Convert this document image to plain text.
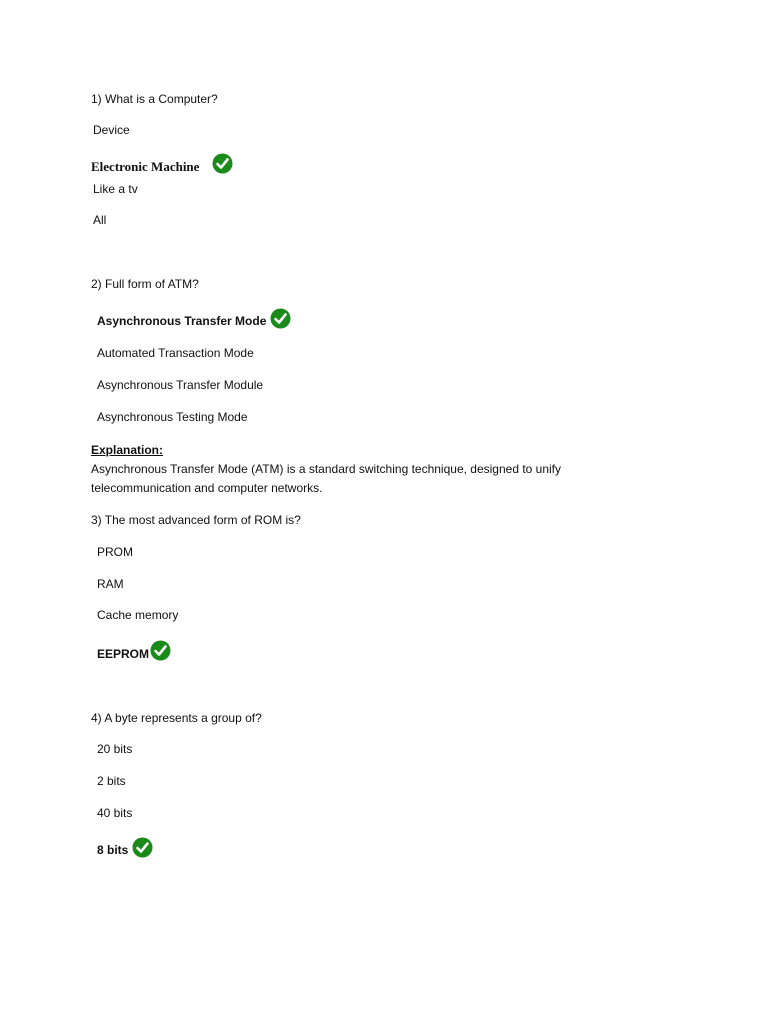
1) What is a Computer?
Device
Electronic Machine
Like a tv
All
2) Full form of ATM?
Asynchronous Transfer Mode
Automated Transaction Mode
Asynchronous Transfer Module
Asynchronous Testing Mode
Explanation:
Asynchronous Transfer Mode (ATM) is a standard switching technique, designed to unify telecommunication and computer networks.
3) The most advanced form of ROM is?
PROM
RAM
Cache memory
EEPROM
4) A byte represents a group of?
20 bits
2 bits
40 bits
8 bits
